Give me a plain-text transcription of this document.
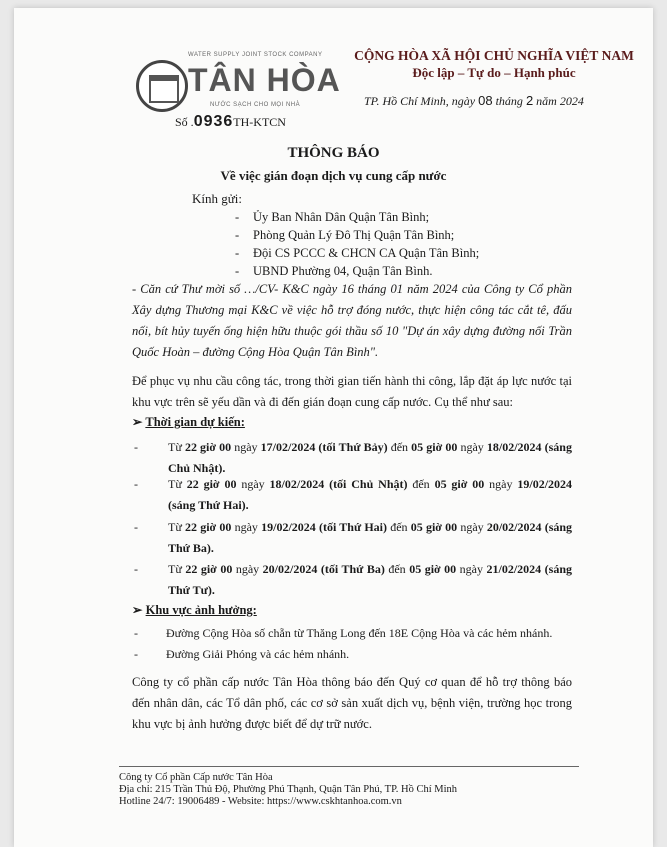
WATER SUPPLY JOINT STOCK COMPANY
TÂN HÒA
NƯỚC SẠCH CHO MỌI NHÀ
Số .0936TH-KTCN
CỘNG HÒA XÃ HỘI CHỦ NGHĨA VIỆT NAM
Độc lập – Tự do – Hạnh phúc
TP. Hồ Chí Minh, ngày 08 tháng 2 năm 2024
THÔNG BÁO
Về việc gián đoạn dịch vụ cung cấp nước
Kính gửi:
- Ủy Ban Nhân Dân Quận Tân Bình;
- Phòng Quản Lý Đô Thị Quận Tân Bình;
- Đội CS PCCC & CHCN CA Quận Tân Bình;
- UBND Phường 04, Quận Tân Bình.
- Căn cứ Thư mời số …/CV- K&C ngày 16 tháng 01 năm 2024 của Công ty Cổ phần Xây dựng Thương mại K&C về việc hỗ trợ đóng nước, thực hiện công tác cắt tê, đấu nối, bít hủy tuyến ống hiện hữu thuộc gói thầu số 10 "Dự án xây dựng đường nối Trần Quốc Hoàn – đường Cộng Hòa Quận Tân Bình".
Để phục vụ nhu cầu công tác, trong thời gian tiến hành thi công, lắp đặt áp lực nước tại khu vực trên sẽ yếu dần và đi đến gián đoạn cung cấp nước. Cụ thể như sau:
➢ Thời gian dự kiến:
-	Từ 22 giờ 00 ngày 17/02/2024 (tối Thứ Bảy) đến 05 giờ 00 ngày 18/02/2024 (sáng Chủ Nhật).
-	Từ 22 giờ 00 ngày 18/02/2024 (tối Chủ Nhật) đến 05 giờ 00 ngày 19/02/2024 (sáng Thứ Hai).
-	Từ 22 giờ 00 ngày 19/02/2024 (tối Thứ Hai) đến 05 giờ 00 ngày 20/02/2024 (sáng Thứ Ba).
-	Từ 22 giờ 00 ngày 20/02/2024 (tối Thứ Ba) đến 05 giờ 00 ngày 21/02/2024 (sáng Thứ Tư).
➢ Khu vực ảnh hưởng:
- Đường Cộng Hòa số chẵn từ Thăng Long đến 18E Cộng Hòa và các hẻm nhánh.
- Đường Giải Phóng và các hẻm nhánh.
Công ty cổ phần cấp nước Tân Hòa thông báo đến Quý cơ quan để hỗ trợ thông báo đến nhân dân, các Tổ dân phố, các cơ sở sản xuất dịch vụ, bệnh viện, trường học trong khu vực bị ảnh hưởng được biết để dự trữ nước.
Công ty Cổ phần Cấp nước Tân Hòa
Địa chỉ: 215 Trần Thủ Độ, Phường Phú Thạnh, Quận Tân Phú, TP. Hồ Chí Minh
Hotline 24/7: 19006489 - Website: https://www.cskhtanhoa.com.vn
